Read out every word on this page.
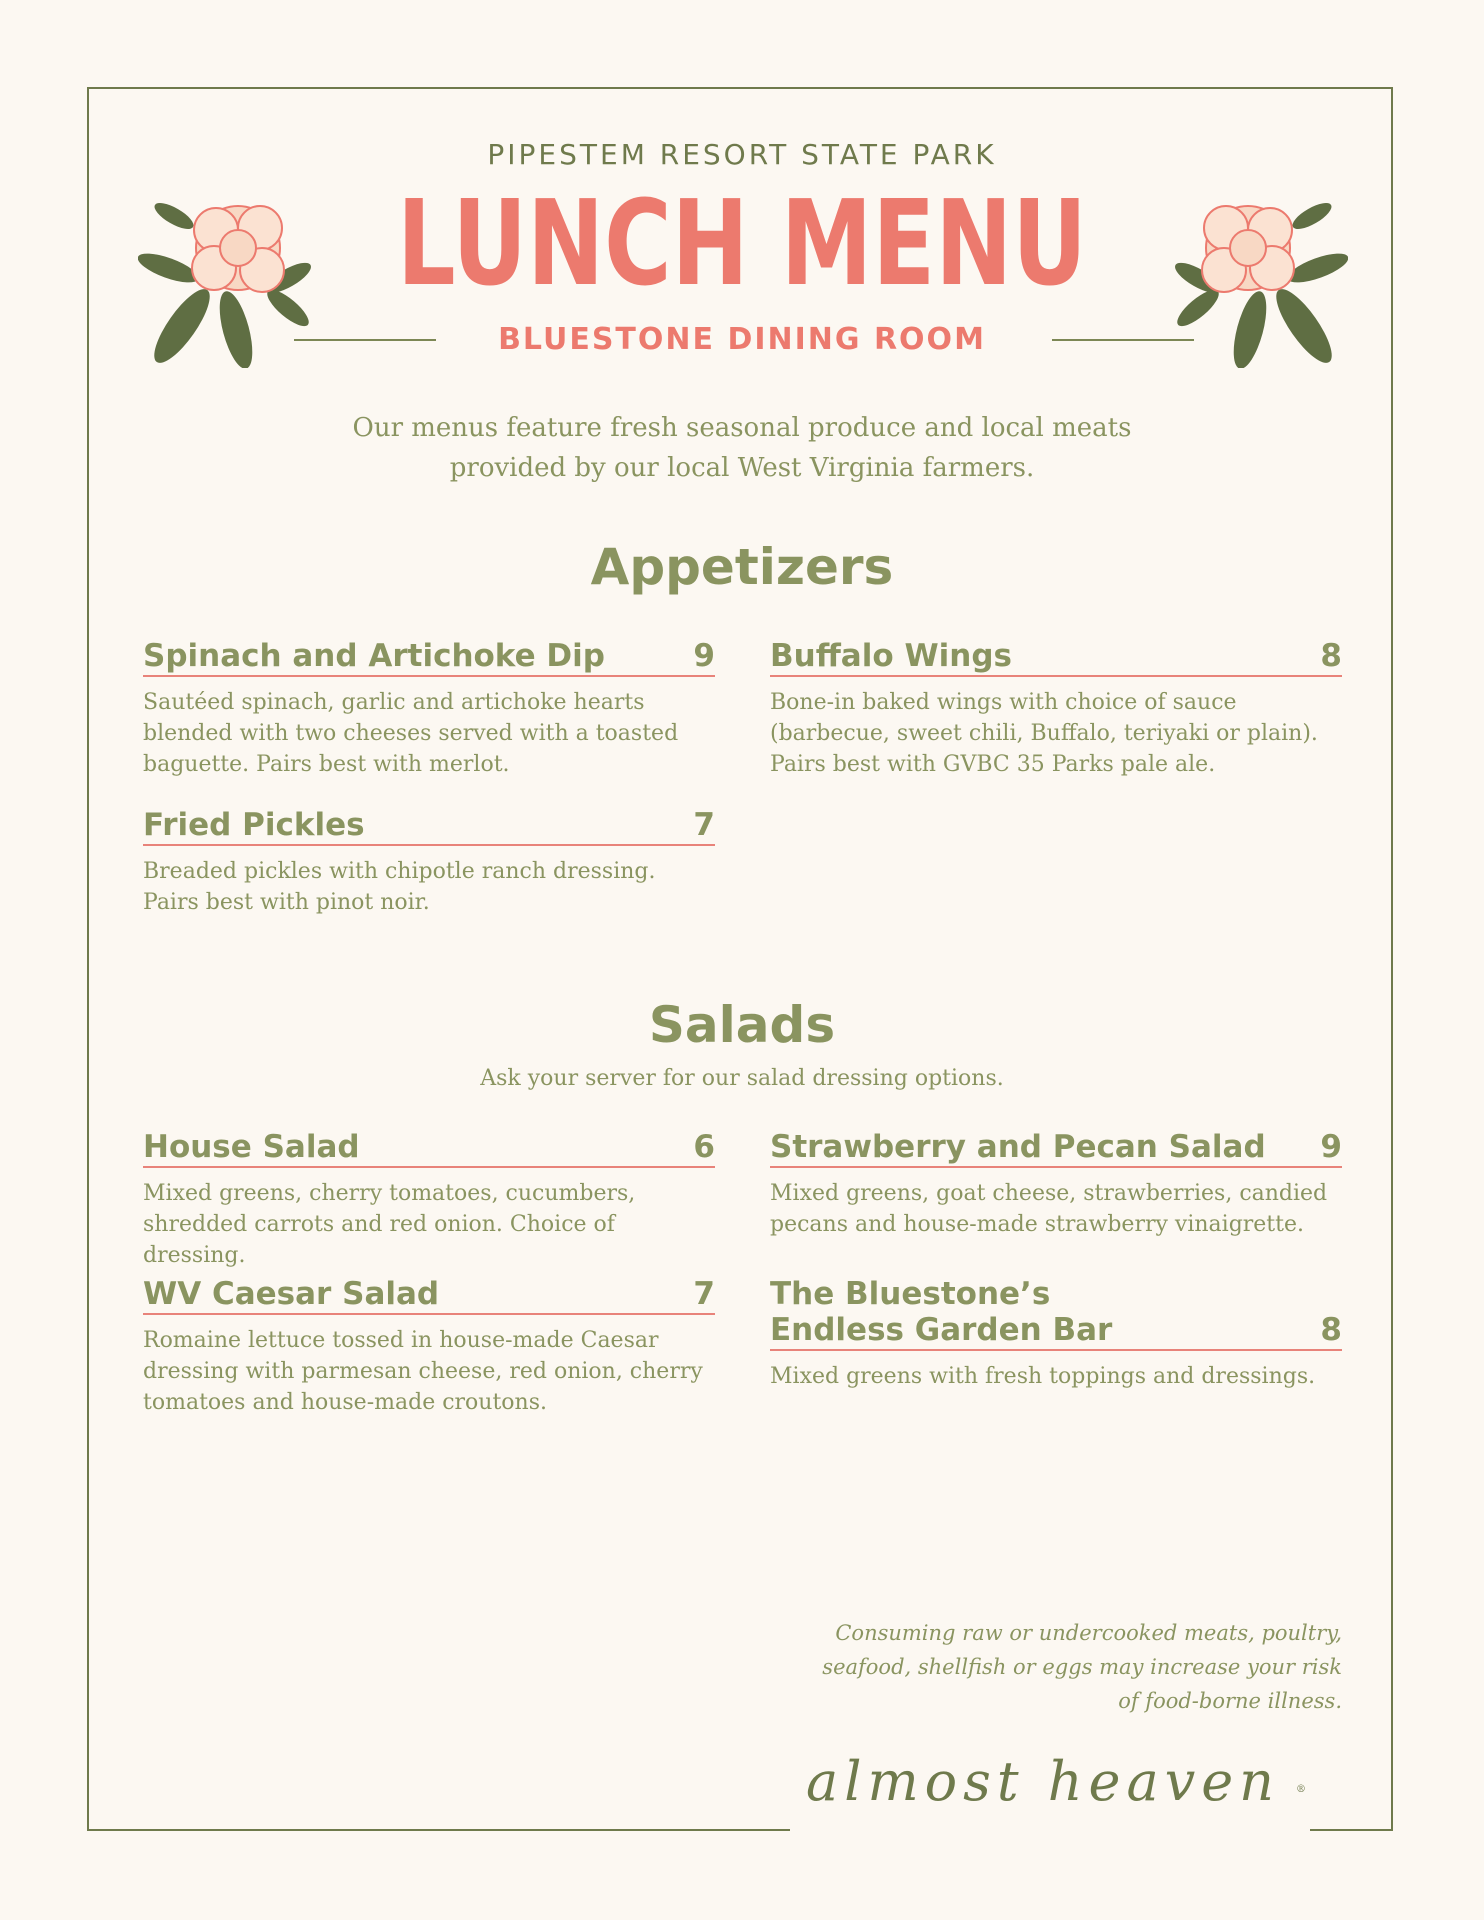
PIPESTEM RESORT STATE PARK
LUNCH MENU
BLUESTONE DINING ROOM
Our menus feature fresh seasonal produce and local meats
provided by our local West Virginia farmers.
Appetizers
Spinach and Artichoke Dip	9
Sautéed spinach, garlic and artichoke hearts blended with two cheeses served with a toasted baguette. Pairs best with merlot.
Buffalo Wings	8
Bone-in baked wings with choice of sauce (barbecue, sweet chili, Buffalo, teriyaki or plain). Pairs best with GVBC 35 Parks pale ale.
Fried Pickles	7
Breaded pickles with chipotle ranch dressing. Pairs best with pinot noir.
Salads
Ask your server for our salad dressing options.
House Salad	6
Mixed greens, cherry tomatoes, cucumbers, shredded carrots and red onion. Choice of dressing.
Strawberry and Pecan Salad 9
Mixed greens, goat cheese, strawberries, candied pecans and house-made strawberry vinaigrette.
WV Caesar Salad	7
Romaine lettuce tossed in house-made Caesar dressing with parmesan cheese, red onion, cherry tomatoes and house-made croutons.
The Bluestone’s
Endless Garden Bar	8
Mixed greens with fresh toppings and dressings.
Consuming raw or undercooked meats, poultry, seafood, shellfish or eggs may increase your risk of food-borne illness.
almost heaven ®
